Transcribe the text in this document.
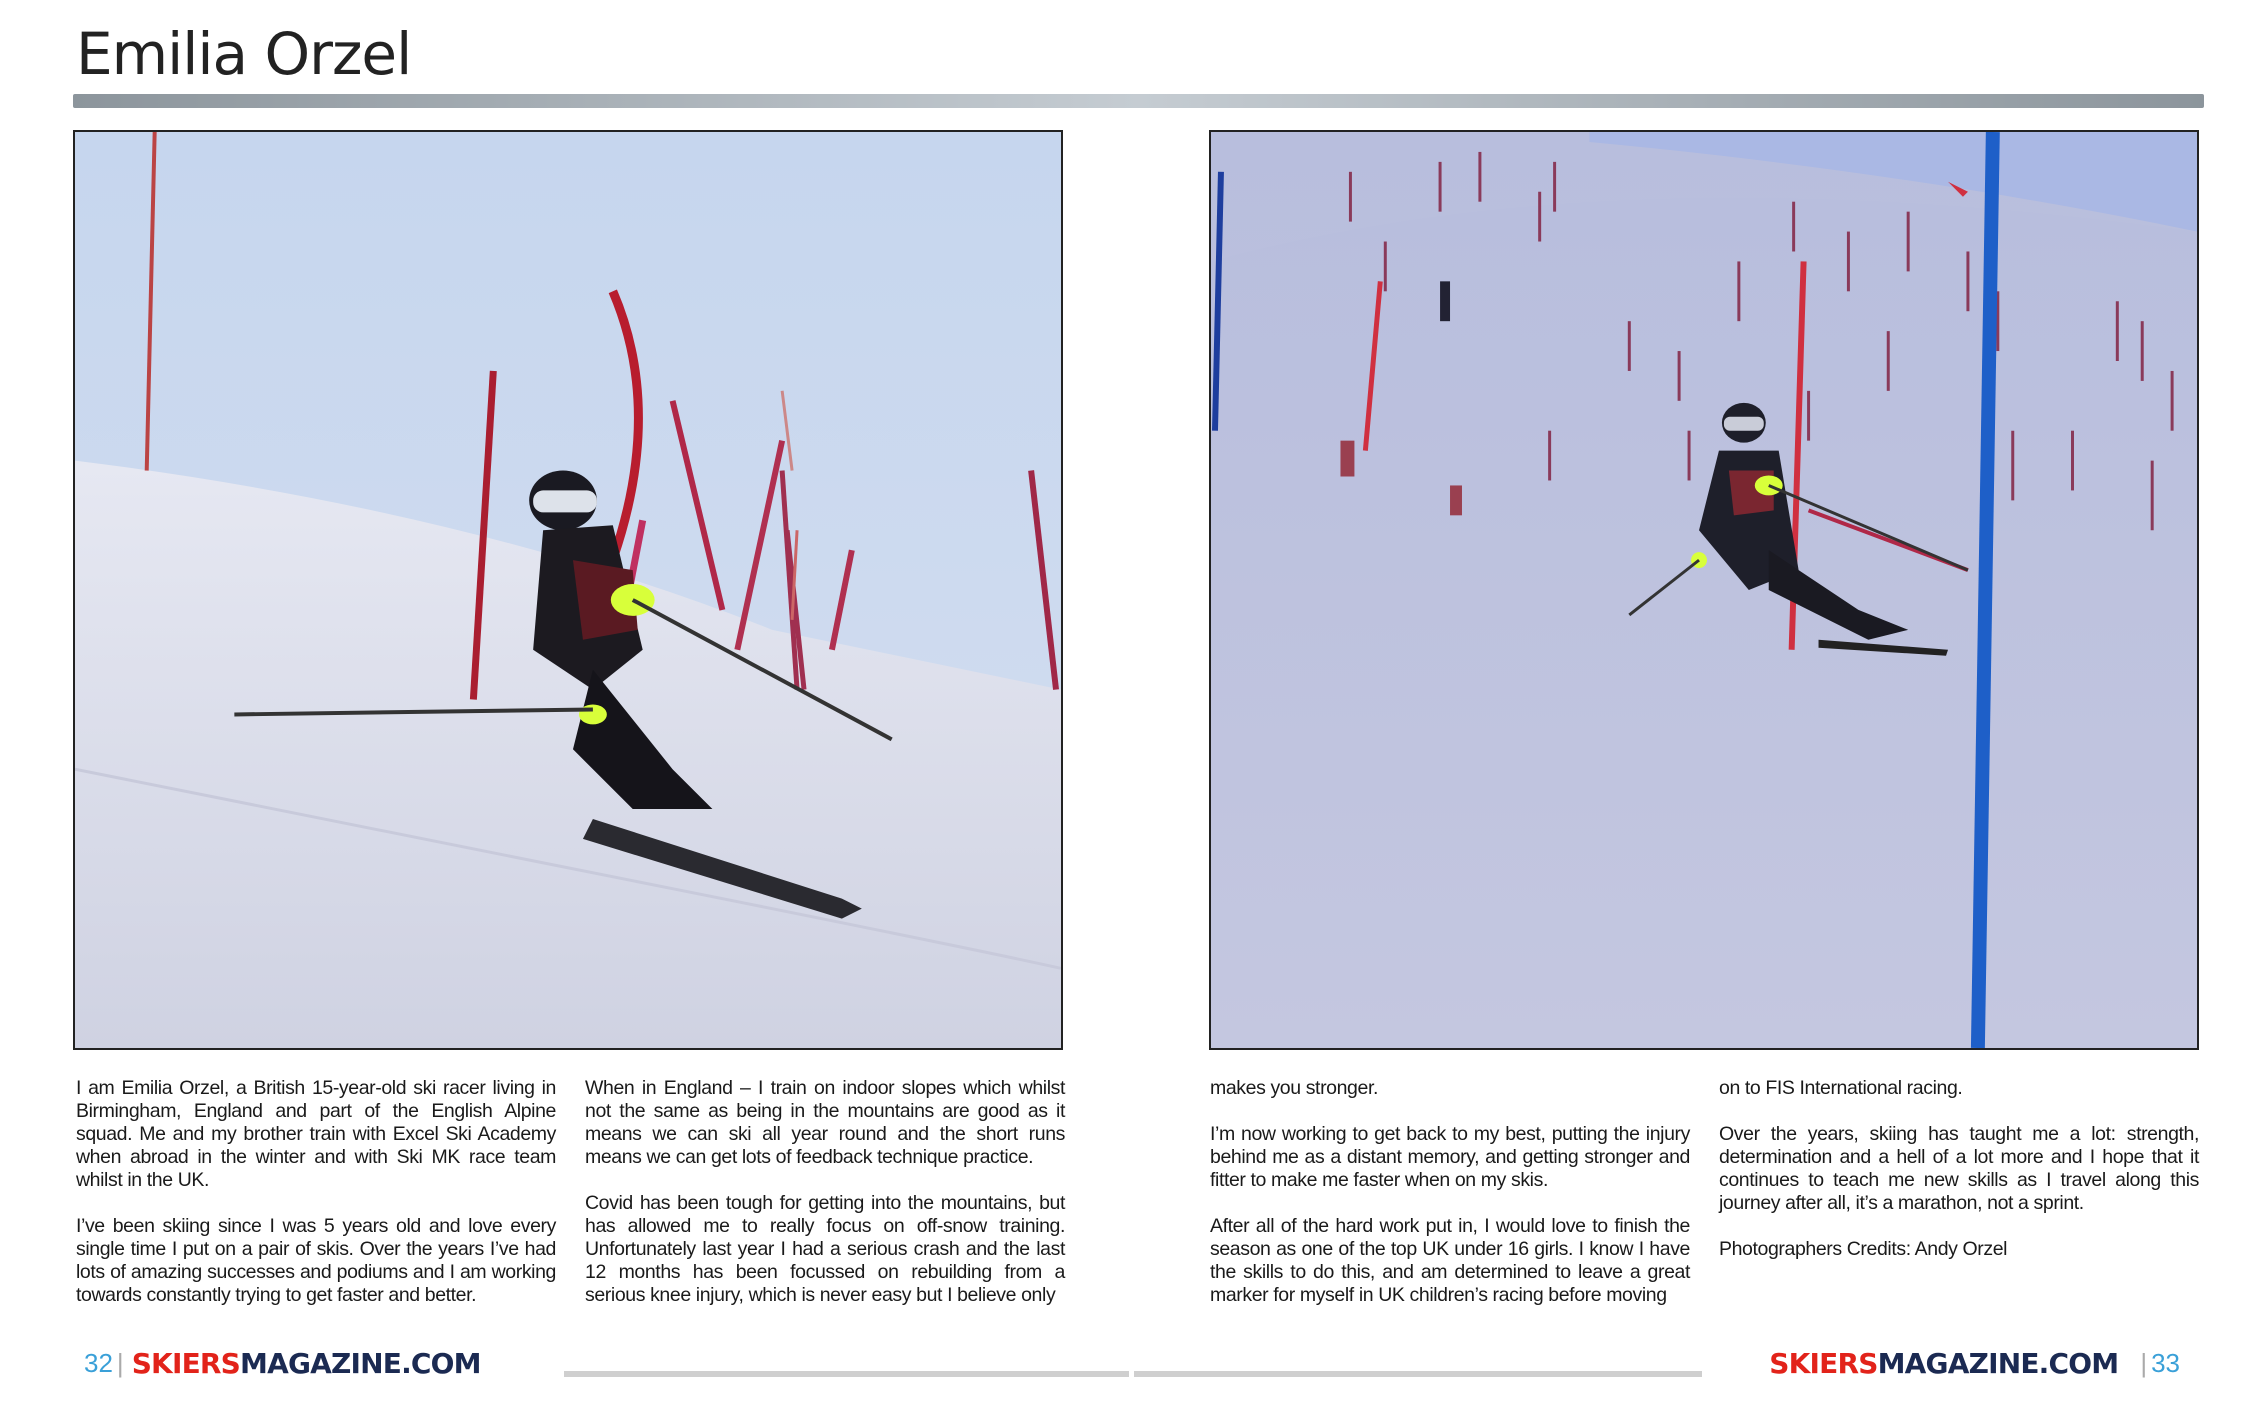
Emilia Orzel

I am Emilia Orzel, a British 15-year-old ski racer living in Birmingham, England and part of the English Alpine squad. Me and my brother train with Excel Ski Academy when abroad in the winter and with Ski MK race team whilst in the UK.

I’ve been skiing since I was 5 years old and love every single time I put on a pair of skis. Over the years I’ve had lots of amazing successes and podiums and I am working towards constantly trying to get faster and better.

When in England – I train on indoor slopes which whilst not the same as being in the mountains are good as it means we can ski all year round and the short runs means we can get lots of feedback technique practice.

Covid has been tough for getting into the mountains, but has allowed me to really focus on off-snow training. Unfortunately last year I had a serious crash and the last 12 months has been focussed on rebuilding from a serious knee injury, which is never easy but I believe only

makes you stronger.

I’m now working to get back to my best, putting the injury behind me as a distant memory, and getting stronger and fitter to make me faster when on my skis.

After all of the hard work put in, I would love to finish the season as one of the top UK under 16 girls. I know I have the skills to do this, and am determined to leave a great marker for myself in UK children’s racing before moving

on to FIS International racing.

Over the years, skiing has taught me a lot: strength, determination and a hell of a lot more and I hope that it continues to teach me new skills as I travel along this journey after all, it’s a marathon, not a sprint.

Photographers Credits: Andy Orzel

32 | SKIERSMAGAZINE.COM	SKIERSMAGAZINE.COM | 33
